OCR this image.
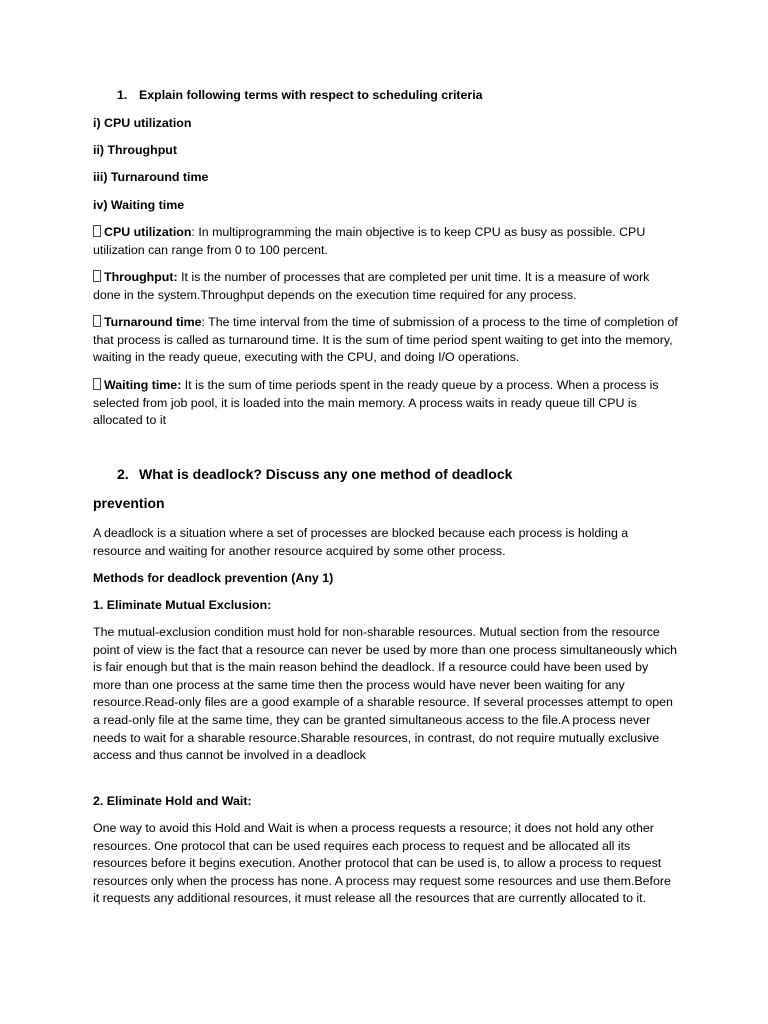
1. Explain following terms with respect to scheduling criteria

i) CPU utilization

ii) Throughput

iii) Turnaround time

iv) Waiting time

CPU utilization: In multiprogramming the main objective is to keep CPU as busy as possible. CPU utilization can range from 0 to 100 percent.

Throughput: It is the number of processes that are completed per unit time. It is a measure of work done in the system.Throughput depends on the execution time required for any process.

Turnaround time: The time interval from the time of submission of a process to the time of completion of that process is called as turnaround time. It is the sum of time period spent waiting to get into the memory, waiting in the ready queue, executing with the CPU, and doing I/O operations.

Waiting time: It is the sum of time periods spent in the ready queue by a process. When a process is selected from job pool, it is loaded into the main memory. A process waits in ready queue till CPU is allocated to it

2. What is deadlock? Discuss any one method of deadlock

prevention

A deadlock is a situation where a set of processes are blocked because each process is holding a resource and waiting for another resource acquired by some other process.

Methods for deadlock prevention (Any 1)

1. Eliminate Mutual Exclusion:

The mutual-exclusion condition must hold for non-sharable resources. Mutual section from the resource point of view is the fact that a resource can never be used by more than one process simultaneously which is fair enough but that is the main reason behind the deadlock. If a resource could have been used by more than one process at the same time then the process would have never been waiting for any resource.Read-only files are a good example of a sharable resource. If several processes attempt to open a read-only file at the same time, they can be granted simultaneous access to the file.A process never needs to wait for a sharable resource.Sharable resources, in contrast, do not require mutually exclusive access and thus cannot be involved in a deadlock

2. Eliminate Hold and Wait:

One way to avoid this Hold and Wait is when a process requests a resource; it does not hold any other resources. One protocol that can be used requires each process to request and be allocated all its resources before it begins execution. Another protocol that can be used is, to allow a process to request resources only when the process has none. A process may request some resources and use them.Before it requests any additional resources, it must release all the resources that are currently allocated to it.
